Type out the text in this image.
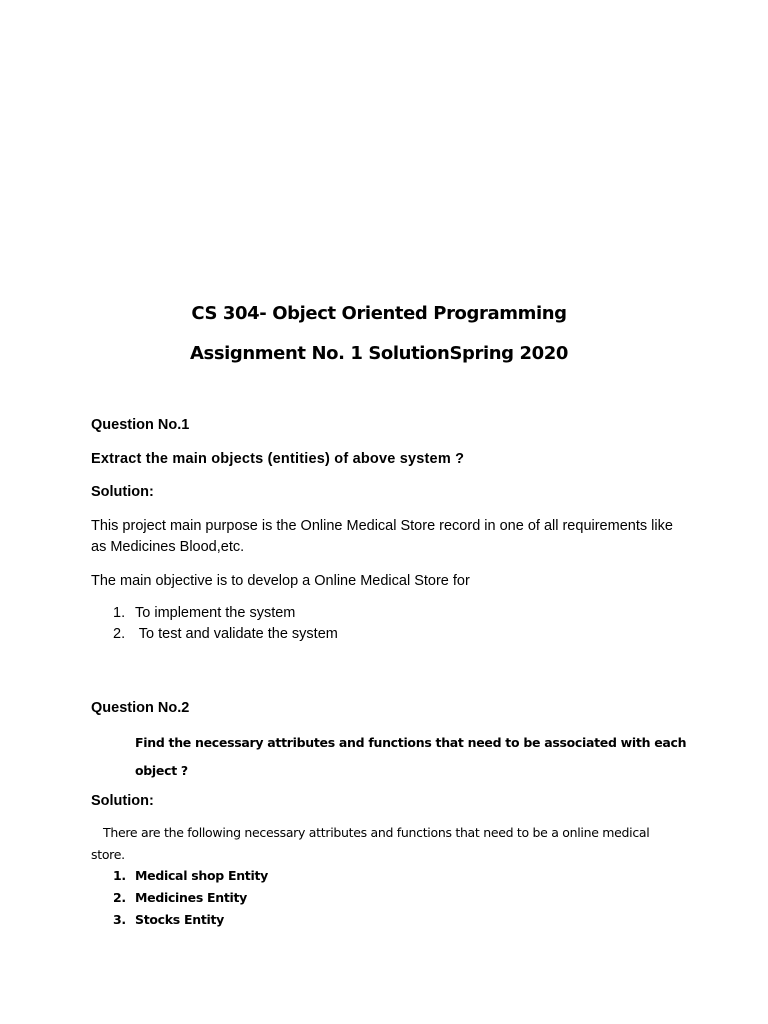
CS 304- Object Oriented Programming
Assignment No. 1 SolutionSpring 2020
Question No.1
Extract the main objects (entities) of above system ?
Solution:
This project main purpose is the Online Medical Store record in one of all requirements like as Medicines Blood,etc.
The main objective is to develop a Online Medical Store for
1. To implement the system
2. To test and validate the system
Question No.2
Find the necessary attributes and functions that need to be associated with each
object ?
Solution:
There are the following necessary attributes and functions that need to be a online medical store.
1. Medical shop Entity
2. Medicines Entity
3. Stocks Entity
